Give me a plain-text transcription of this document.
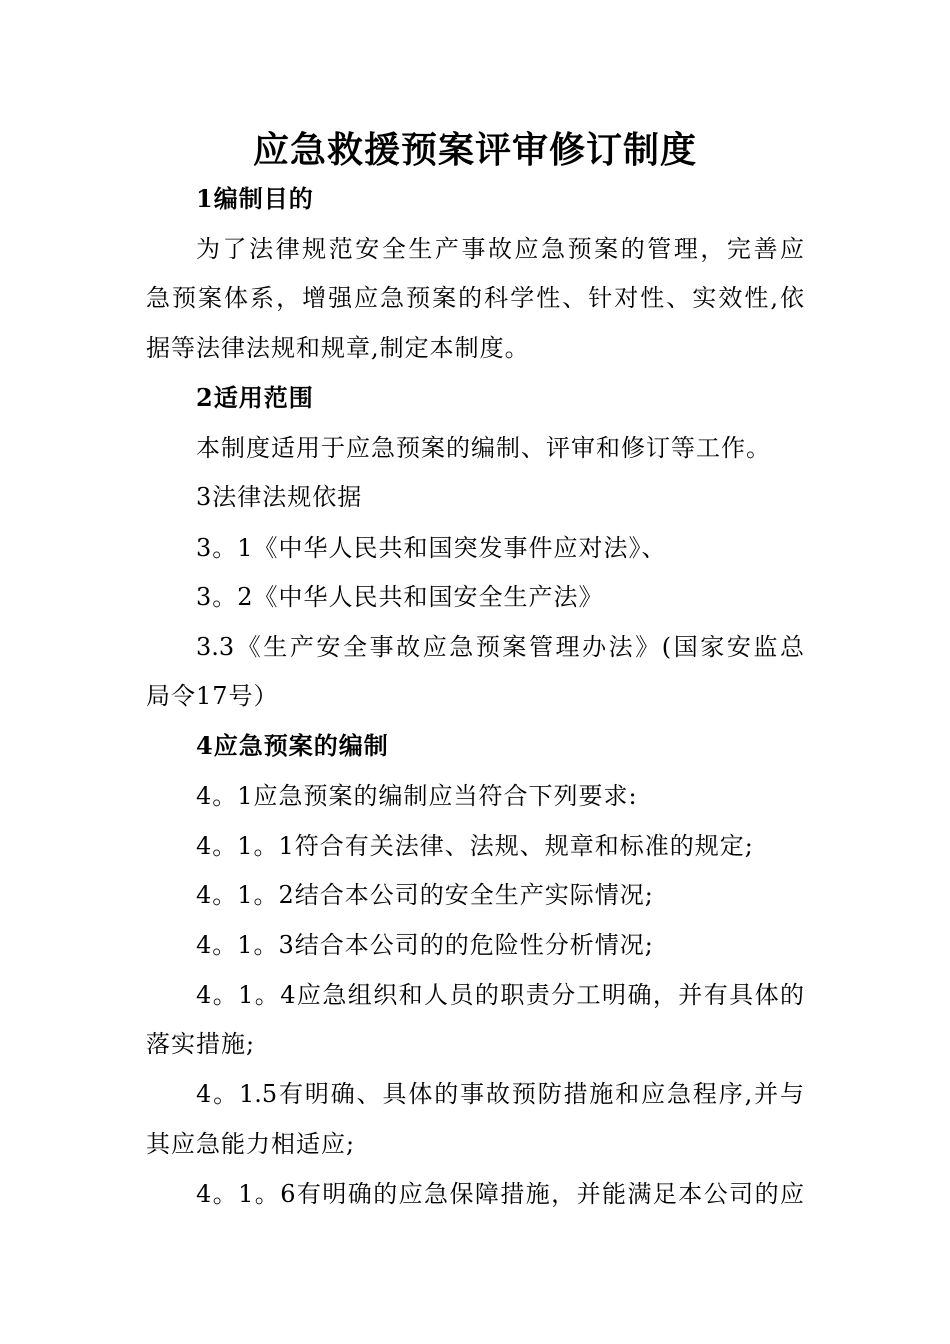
应急救援预案评审修订制度
1编制目的
为了法律规范安全生产事故应急预案的管理，完善应
急预案体系，增强应急预案的科学性、针对性、实效性,依
据等法律法规和规章,制定本制度。
2适用范围
本制度适用于应急预案的编制、评审和修订等工作。
3法律法规依据
3。1《中华人民共和国突发事件应对法》、
3。2《中华人民共和国安全生产法》
3.3《生产安全事故应急预案管理办法》(国家安监总
局令17号）
4应急预案的编制
4。1应急预案的编制应当符合下列要求:
4。1。1符合有关法律、法规、规章和标准的规定;
4。1。2结合本公司的安全生产实际情况;
4。1。3结合本公司的的危险性分析情况;
4。1。4应急组织和人员的职责分工明确，并有具体的
落实措施;
4。1.5有明确、具体的事故预防措施和应急程序,并与
其应急能力相适应;
4。1。6有明确的应急保障措施，并能满足本公司的应
